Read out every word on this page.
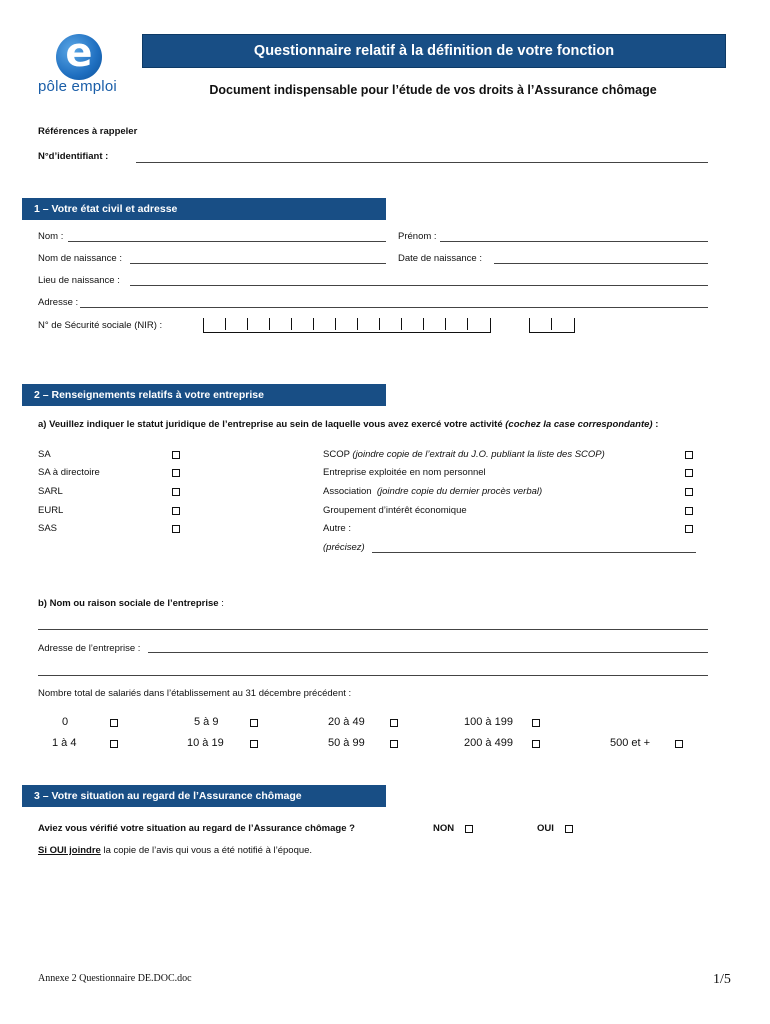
e
pôle emploi
Questionnaire relatif à la définition de votre fonction
Document indispensable pour l’étude de vos droits à l’Assurance chômage
Références à rappeler
N°d’identifiant :
1 – Votre état civil et adresse
Nom :	Prénom :
Nom de naissance :	Date de naissance :
Lieu de naissance :
Adresse :
N° de Sécurité sociale (NIR) :
2 – Renseignements relatifs à votre entreprise
a) Veuillez indiquer le statut juridique de l’entreprise au sein de laquelle vous avez exercé votre activité (cochez la case correspondante) :
SA
SA à directoire
SARL
EURL
SAS
SCOP (joindre copie de l’extrait du J.O. publiant la liste des SCOP)
Entreprise exploitée en nom personnel
Association (joindre copie du dernier procès verbal)
Groupement d’intérêt économique
Autre :
(précisez)
b) Nom ou raison sociale de l’entreprise :
Adresse de l’entreprise :
Nombre total de salariés dans l’établissement au 31 décembre précédent :
0	5 à 9	20 à 49	100 à 199
1 à 4	10 à 19	50 à 99	200 à 499	500 et +
3 – Votre situation au regard de l’Assurance chômage
Aviez vous vérifié votre situation au regard de l’Assurance chômage ?	NON	OUI
Si OUI joindre la copie de l’avis qui vous a été notifié à l’époque.
Annexe 2 Questionnaire DE.DOC.doc	1/5
